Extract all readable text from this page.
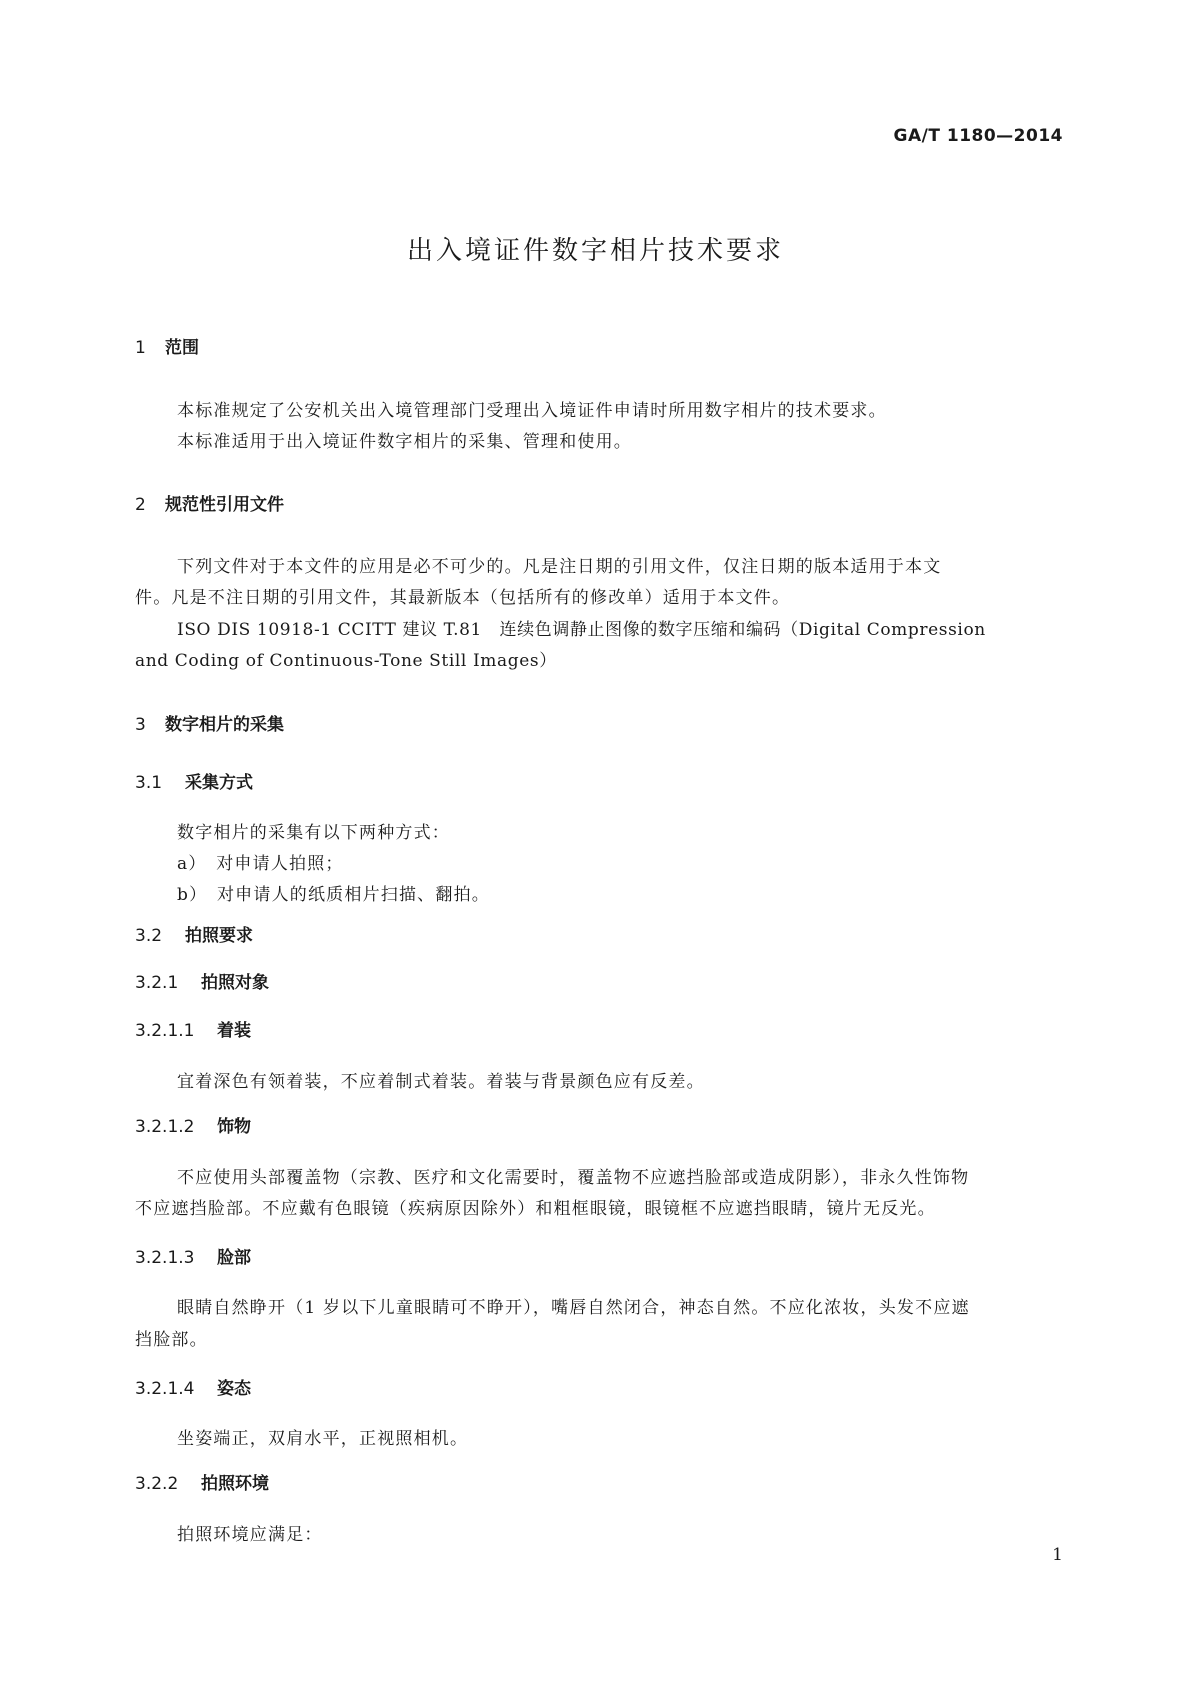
GA/T 1180—2014
出入境证件数字相片技术要求
1 范围
本标准规定了公安机关出入境管理部门受理出入境证件申请时所用数字相片的技术要求。
本标准适用于出入境证件数字相片的采集、管理和使用。
2 规范性引用文件
下列文件对于本文件的应用是必不可少的。凡是注日期的引用文件，仅注日期的版本适用于本文
件。凡是不注日期的引用文件，其最新版本（包括所有的修改单）适用于本文件。
ISO DIS 10918-1 CCITT 建议 T.81　连续色调静止图像的数字压缩和编码（Digital Compression
and Coding of Continuous-Tone Still Images）
3 数字相片的采集
3.1 采集方式
数字相片的采集有以下两种方式：
a）　对申请人拍照；
b）　对申请人的纸质相片扫描、翻拍。
3.2 拍照要求
3.2.1 拍照对象
3.2.1.1 着装
宜着深色有领着装，不应着制式着装。着装与背景颜色应有反差。
3.2.1.2 饰物
不应使用头部覆盖物（宗教、医疗和文化需要时，覆盖物不应遮挡脸部或造成阴影），非永久性饰物
不应遮挡脸部。不应戴有色眼镜（疾病原因除外）和粗框眼镜，眼镜框不应遮挡眼睛，镜片无反光。
3.2.1.3 脸部
眼睛自然睁开（1 岁以下儿童眼睛可不睁开），嘴唇自然闭合，神态自然。不应化浓妆，头发不应遮
挡脸部。
3.2.1.4 姿态
坐姿端正，双肩水平，正视照相机。
3.2.2 拍照环境
拍照环境应满足：
1
